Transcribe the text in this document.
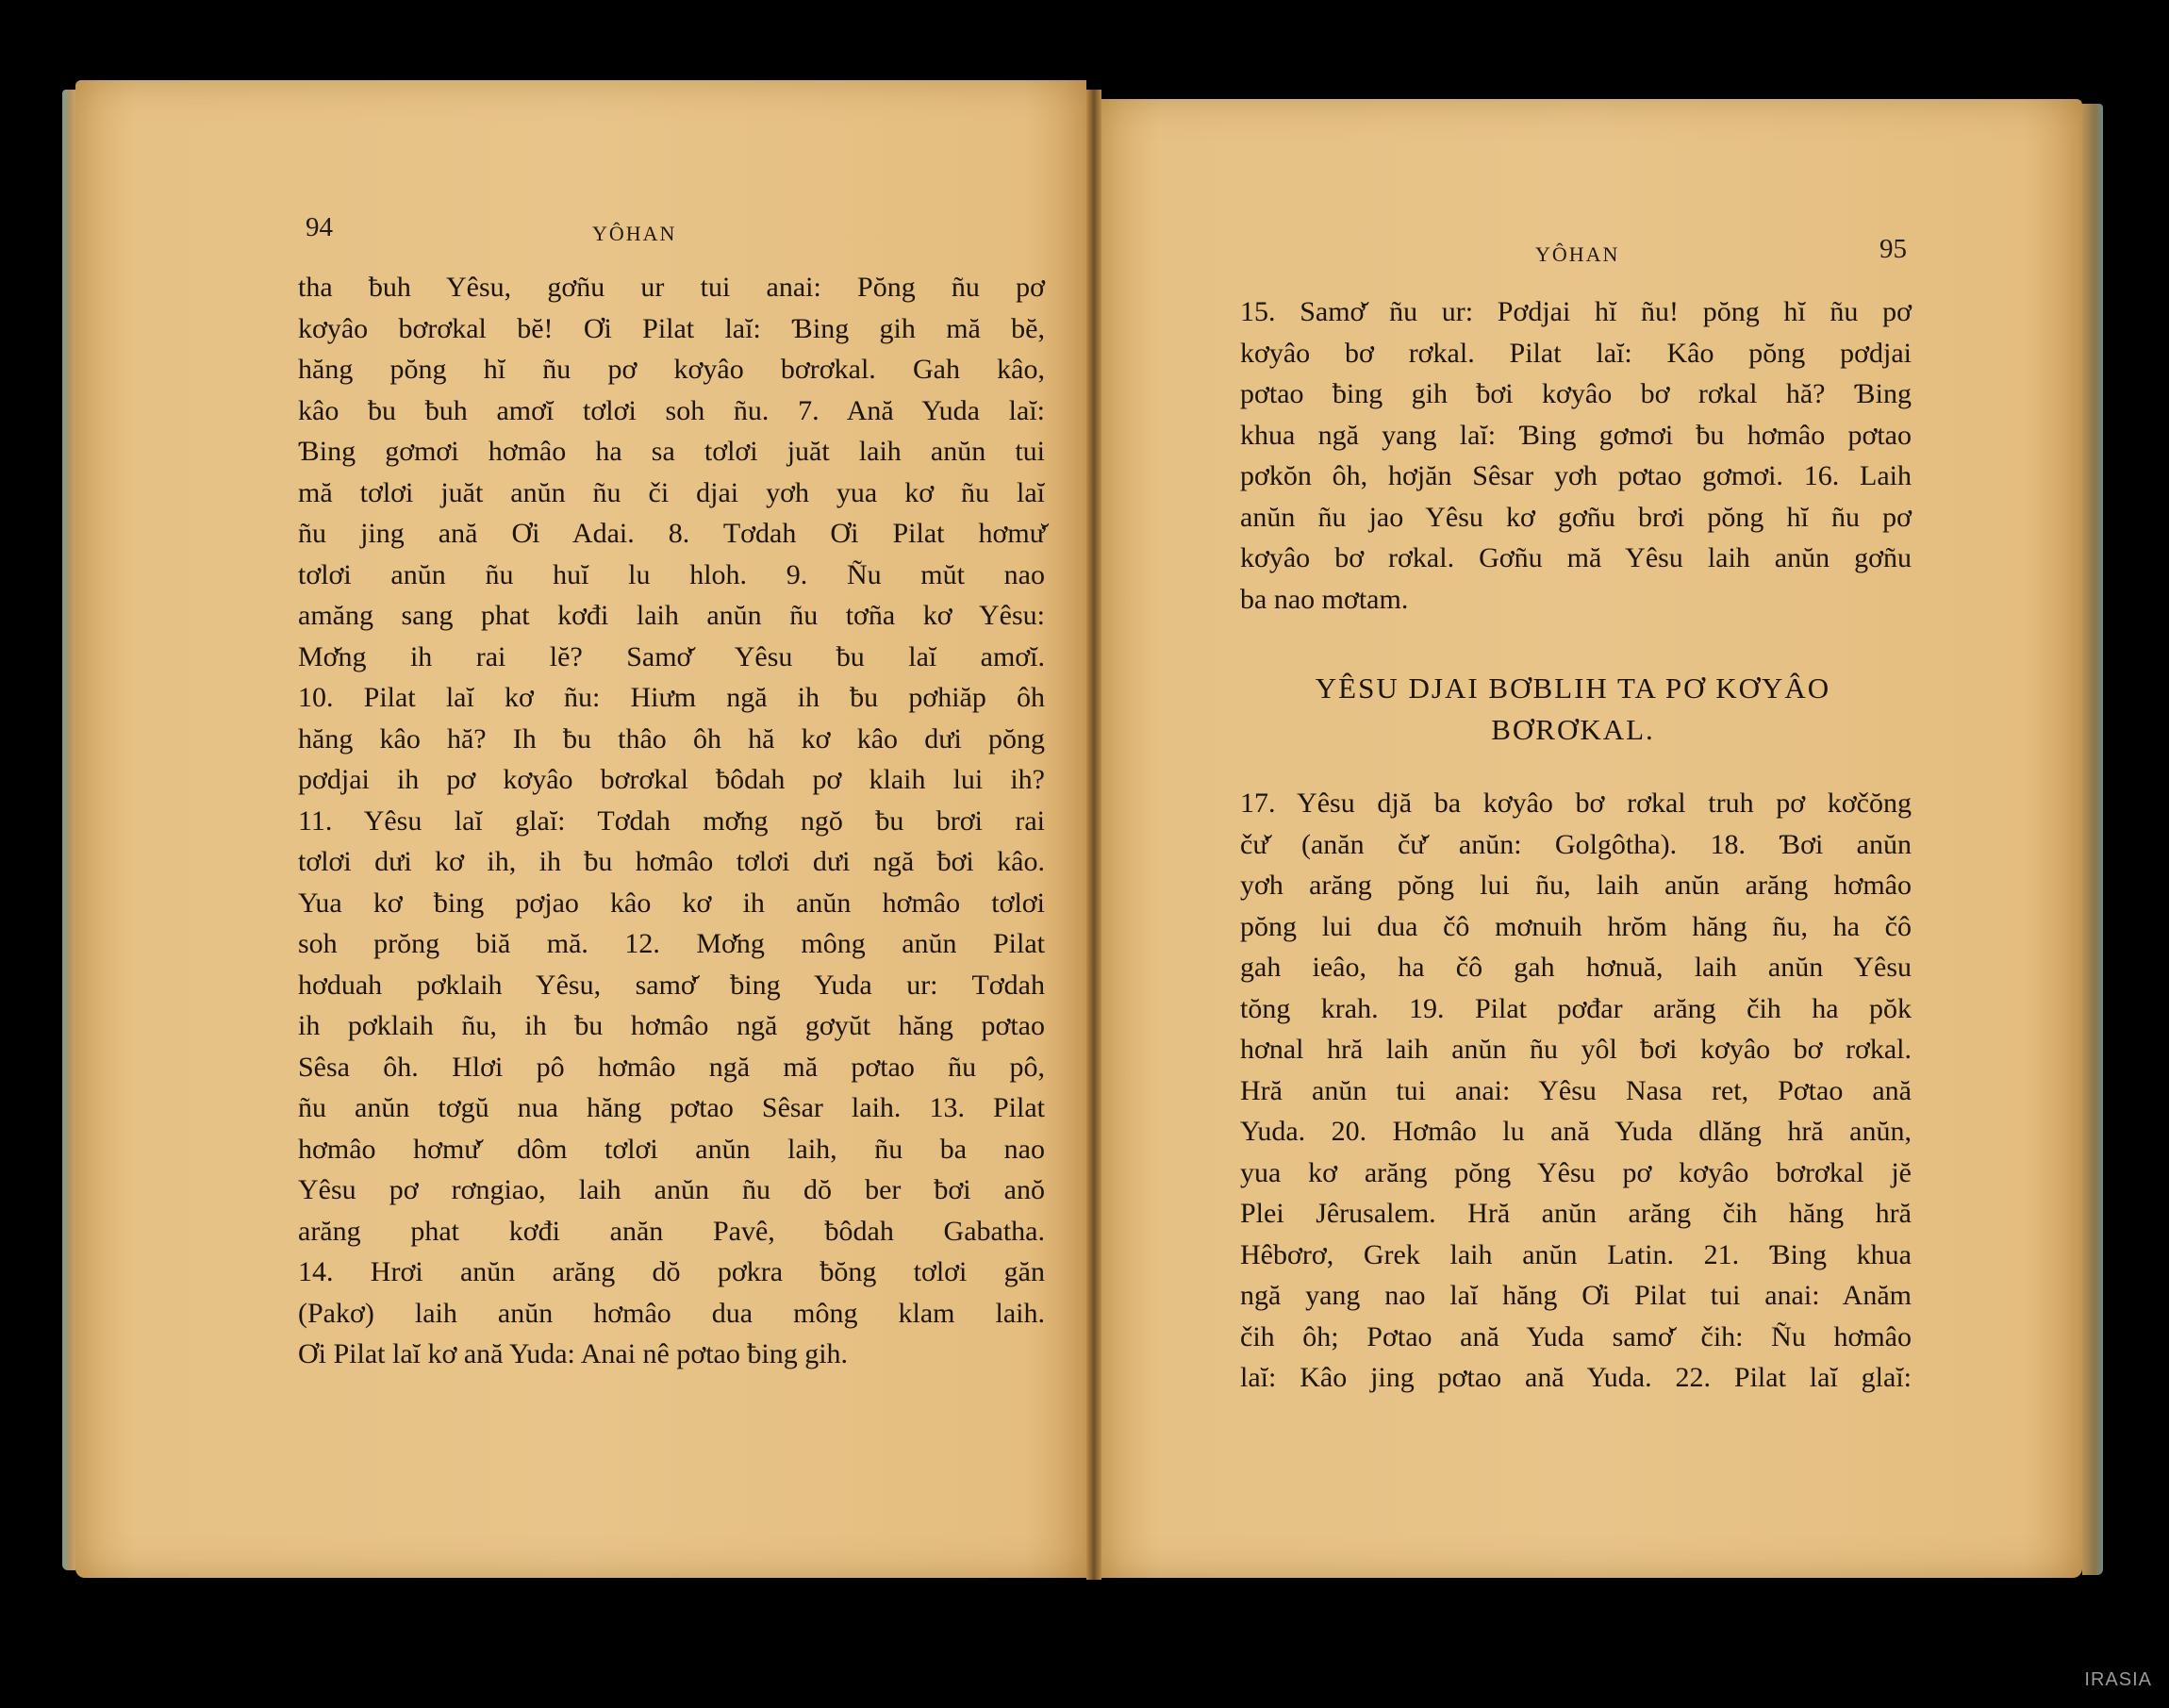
94	YÔHAN
tha ƀuh Yêsu, gơñu ur tui anai: Pŏng ñu pơ
kơyâo bơrơkal bĕ! Ơi Pilat laĭ: Ɓing gih mă bĕ,
hăng pŏng hĭ ñu pơ kơyâo bơrơkal. Gah kâo,
kâo ƀu ƀuh amơĭ tơlơi soh ñu. 7. Ană Yuda laĭ:
Ɓing gơmơi hơmâo ha sa tơlơi juăt laih anŭn tui
mă tơlơi juăt anŭn ñu či djai yơh yua kơ ñu laĭ
ñu jing ană Ơi Adai. 8. Tơdah Ơi Pilat hơmư̆
tơlơi anŭn ñu huĭ lu hloh. 9. Ñu mŭt nao
amăng sang phat kơđi laih anŭn ñu tơña kơ Yêsu:
Mơ̆ng ih rai lĕ? Samơ̆ Yêsu ƀu laĭ amơĭ.
10. Pilat laĭ kơ ñu: Hiưm ngă ih ƀu pơhiăp ôh
hăng kâo hă? Ih ƀu thâo ôh hă kơ kâo dưi pŏng
pơdjai ih pơ kơyâo bơrơkal ƀôdah pơ klaih lui ih?
11. Yêsu laĭ glaĭ: Tơdah mơ̆ng ngŏ ƀu brơi rai
tơlơi dưi kơ ih, ih ƀu hơmâo tơlơi dưi ngă ƀơi kâo.
Yua kơ ƀing pơjao kâo kơ ih anŭn hơmâo tơlơi
soh prŏng biă mă. 12. Mơ̆ng mông anŭn Pilat
hơduah pơklaih Yêsu, samơ̆ ƀing Yuda ur: Tơdah
ih pơklaih ñu, ih ƀu hơmâo ngă gơyŭt hăng pơtao
Sêsa ôh. Hlơi pô hơmâo ngă mă pơtao ñu pô,
ñu anŭn tơgŭ nua hăng pơtao Sêsar laih. 13. Pilat
hơmâo hơmư̆ dôm tơlơi anŭn laih, ñu ba nao
Yêsu pơ rơngiao, laih anŭn ñu dŏ ber ƀơi anŏ
arăng phat kơđi anăn Pavê, ƀôdah Gabatha.
14. Hrơi anŭn arăng dŏ pơkra ƀŏng tơlơi găn
(Pakơ) laih anŭn hơmâo dua mông klam laih.
Ơi Pilat laĭ kơ ană Yuda: Anai nê pơtao ƀing gih.
YÔHAN	95
15. Samơ̆ ñu ur: Pơdjai hĭ ñu! pŏng hĭ ñu pơ
kơyâo bơ rơkal. Pilat laĭ: Kâo pŏng pơdjai
pơtao ƀing gih ƀơi kơyâo bơ rơkal hă? Ɓing
khua ngă yang laĭ: Ɓing gơmơi ƀu hơmâo pơtao
pơkŏn ôh, hơjăn Sêsar yơh pơtao gơmơi. 16. Laih
anŭn ñu jao Yêsu kơ gơñu brơi pŏng hĭ ñu pơ
kơyâo bơ rơkal. Gơñu mă Yêsu laih anŭn gơñu
ba nao mơtam.
YÊSU DJAI BƠBLIH TA PƠ KƠYÂO
BƠRƠKAL.
17. Yêsu djă ba kơyâo bơ rơkal truh pơ kơčŏng
čư̆ (anăn čư̆ anŭn: Golgôtha). 18. Ɓơi anŭn
yơh arăng pŏng lui ñu, laih anŭn arăng hơmâo
pŏng lui dua čô mơnuih hrŏm hăng ñu, ha čô
gah ieâo, ha čô gah hơnuă, laih anŭn Yêsu
tŏng krah. 19. Pilat pơđar arăng čih ha pŏk
hơnal hră laih anŭn ñu yôl ƀơi kơyâo bơ rơkal.
Hră anŭn tui anai: Yêsu Nasa ret, Pơtao ană
Yuda. 20. Hơmâo lu ană Yuda dlăng hră anŭn,
yua kơ arăng pŏng Yêsu pơ kơyâo bơrơkal jĕ
Plei Jêrusalem. Hră anŭn arăng čih hăng hră
Hêbơrơ, Grek laih anŭn Latin. 21. Ɓing khua
ngă yang nao laĭ hăng Ơi Pilat tui anai: Anăm
čih ôh; Pơtao ană Yuda samơ̆ čih: Ñu hơmâo
laĭ: Kâo jing pơtao ană Yuda. 22. Pilat laĭ glaĭ:
IRASIA
